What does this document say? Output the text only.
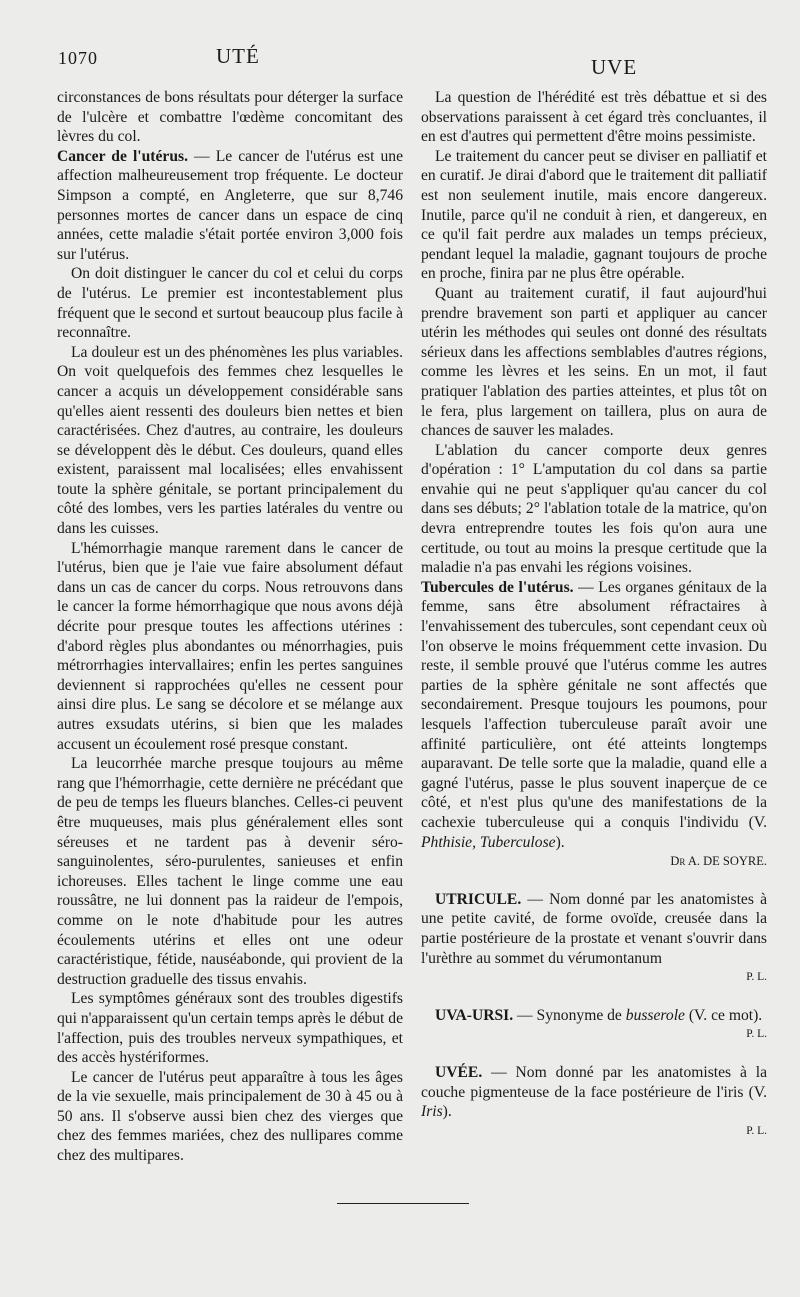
1070	UTÉ	UVE

circonstances de bons résultats pour déterger la surface de l'ulcère et combattre l'œdème concomitant des lèvres du col.

Cancer de l'utérus. — Le cancer de l'utérus est une affection malheureusement trop fréquente. Le docteur Simpson a compté, en Angleterre, que sur 8,746 personnes mortes de cancer dans un espace de cinq années, cette maladie s'était portée environ 3,000 fois sur l'utérus.

On doit distinguer le cancer du col et celui du corps de l'utérus. Le premier est incontestablement plus fréquent que le second et surtout beaucoup plus facile à reconnaître.

La douleur est un des phénomènes les plus variables. On voit quelquefois des femmes chez lesquelles le cancer a acquis un développement considérable sans qu'elles aient ressenti des douleurs bien nettes et bien caractérisées. Chez d'autres, au contraire, les douleurs se développent dès le début. Ces douleurs, quand elles existent, paraissent mal localisées; elles envahissent toute la sphère génitale, se portant principalement du côté des lombes, vers les parties latérales du ventre ou dans les cuisses.

L'hémorrhagie manque rarement dans le cancer de l'utérus, bien que je l'aie vue faire absolument défaut dans un cas de cancer du corps. Nous retrouvons dans le cancer la forme hémorrhagique que nous avons déjà décrite pour presque toutes les affections utérines : d'abord règles plus abondantes ou ménorrhagies, puis métrorrhagies intervallaires; enfin les pertes sanguines deviennent si rapprochées qu'elles ne cessent pour ainsi dire plus. Le sang se décolore et se mélange aux autres exsudats utérins, si bien que les malades accusent un écoulement rosé presque constant.

La leucorrhée marche presque toujours au même rang que l'hémorrhagie, cette dernière ne précédant que de peu de temps les flueurs blanches. Celles-ci peuvent être muqueuses, mais plus généralement elles sont séreuses et ne tardent pas à devenir séro-sanguinolentes, séro-purulentes, sanieuses et enfin ichoreuses. Elles tachent le linge comme une eau roussâtre, ne lui donnent pas la raideur de l'empois, comme on le note d'habitude pour les autres écoulements utérins et elles ont une odeur caractéristique, fétide, nauséabonde, qui provient de la destruction graduelle des tissus envahis.

Les symptômes généraux sont des troubles digestifs qui n'apparaissent qu'un certain temps après le début de l'affection, puis des troubles nerveux sympathiques, et des accès hystériformes.

Le cancer de l'utérus peut apparaître à tous les âges de la vie sexuelle, mais principalement de 30 à 45 ou à 50 ans. Il s'observe aussi bien chez des vierges que chez des femmes mariées, chez des nullipares comme chez des multipares.

La question de l'hérédité est très débattue et si des observations paraissent à cet égard très concluantes, il en est d'autres qui permettent d'être moins pessimiste.

Le traitement du cancer peut se diviser en palliatif et en curatif. Je dirai d'abord que le traitement dit palliatif est non seulement inutile, mais encore dangereux. Inutile, parce qu'il ne conduit à rien, et dangereux, en ce qu'il fait perdre aux malades un temps précieux, pendant lequel la maladie, gagnant toujours de proche en proche, finira par ne plus être opérable.

Quant au traitement curatif, il faut aujourd'hui prendre bravement son parti et appliquer au cancer utérin les méthodes qui seules ont donné des résultats sérieux dans les affections semblables d'autres régions, comme les lèvres et les seins. En un mot, il faut pratiquer l'ablation des parties atteintes, et plus tôt on le fera, plus largement on taillera, plus on aura de chances de sauver les malades.

L'ablation du cancer comporte deux genres d'opération : 1° L'amputation du col dans sa partie envahie qui ne peut s'appliquer qu'au cancer du col dans ses débuts; 2° l'ablation totale de la matrice, qu'on devra entreprendre toutes les fois qu'on aura une certitude, ou tout au moins la presque certitude que la maladie n'a pas envahi les régions voisines.

Tubercules de l'utérus. — Les organes génitaux de la femme, sans être absolument réfractaires à l'envahissement des tubercules, sont cependant ceux où l'on observe le moins fréquemment cette invasion. Du reste, il semble prouvé que l'utérus comme les autres parties de la sphère génitale ne sont affectés que secondairement. Presque toujours les poumons, pour lesquels l'affection tuberculeuse paraît avoir une affinité particulière, ont été atteints longtemps auparavant. De telle sorte que la maladie, quand elle a gagné l'utérus, passe le plus souvent inaperçue de ce côté, et n'est plus qu'une des manifestations de la cachexie tuberculeuse qui a conquis l'individu (V. Phthisie, Tuberculose).

Dr A. DE SOYRE.

UTRICULE. — Nom donné par les anatomistes à une petite cavité, de forme ovoïde, creusée dans la partie postérieure de la prostate et venant s'ouvrir dans l'urèthre au sommet du vérumontanum

P. L.

UVA-URSI. — Synonyme de busserole (V. ce mot).

P. L.

UVÉE. — Nom donné par les anatomistes à la couche pigmenteuse de la face postérieure de l'iris (V. Iris).

P. L.
